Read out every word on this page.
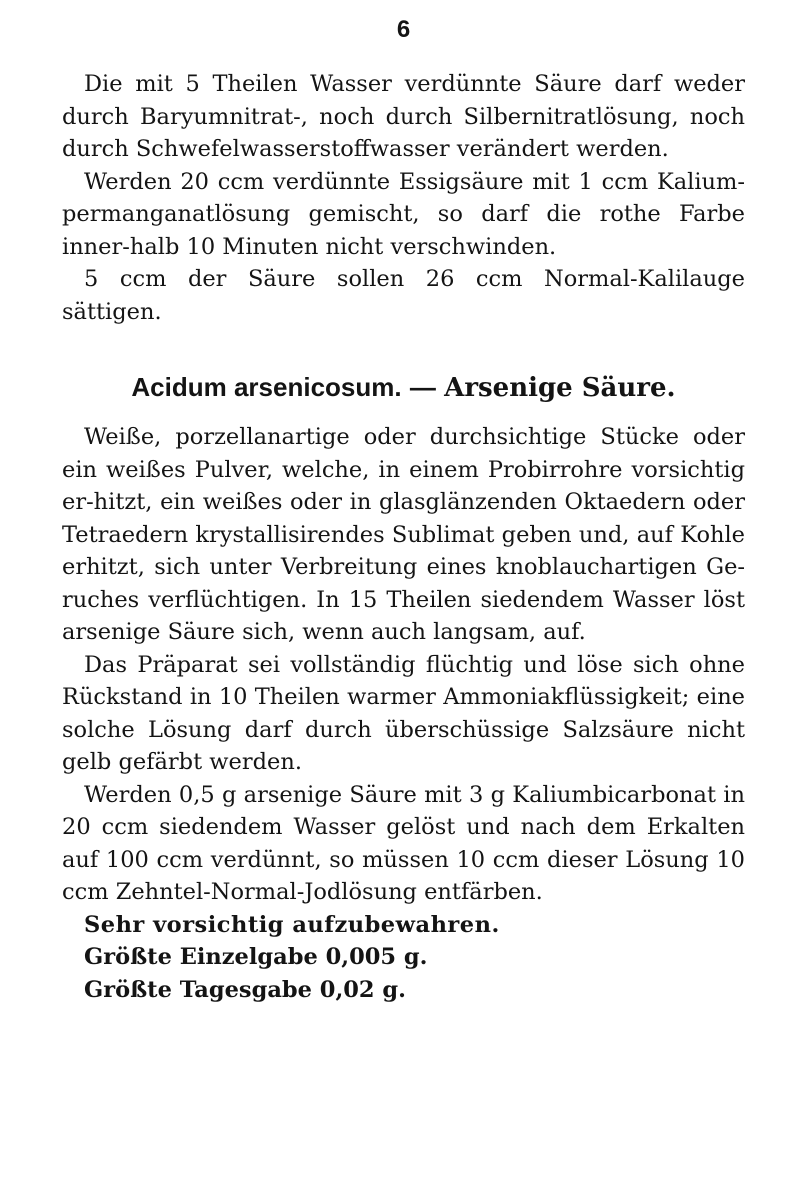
6

Die mit 5 Theilen Wasser verdünnte Säure darf weder durch Baryumnitrat-, noch durch Silbernitratlösung, noch durch Schwefelwasserstoffwasser verändert werden.

Werden 20 ccm verdünnte Essigsäure mit 1 ccm Kalium-permanganatlösung gemischt, so darf die rothe Farbe inner-halb 10 Minuten nicht verschwinden.

5 ccm der Säure sollen 26 ccm Normal-Kalilauge sättigen.

Acidum arsenicosum. — Arsenige Säure.

Weiße, porzellanartige oder durchsichtige Stücke oder ein weißes Pulver, welche, in einem Probirrohre vorsichtig er-hitzt, ein weißes oder in glasglänzenden Oktaedern oder Tetraedern krystallisirendes Sublimat geben und, auf Kohle erhitzt, sich unter Verbreitung eines knoblauchartigen Ge-ruches verflüchtigen. In 15 Theilen siedendem Wasser löst arsenige Säure sich, wenn auch langsam, auf.

Das Präparat sei vollständig flüchtig und löse sich ohne Rückstand in 10 Theilen warmer Ammoniakflüssigkeit; eine solche Lösung darf durch überschüssige Salzsäure nicht gelb gefärbt werden.

Werden 0,5 g arsenige Säure mit 3 g Kaliumbicarbonat in 20 ccm siedendem Wasser gelöst und nach dem Erkalten auf 100 ccm verdünnt, so müssen 10 ccm dieser Lösung 10 ccm Zehntel-Normal-Jodlösung entfärben.

Sehr vorsichtig aufzubewahren.

Größte Einzelgabe 0,005 g.

Größte Tagesgabe 0,02 g.
